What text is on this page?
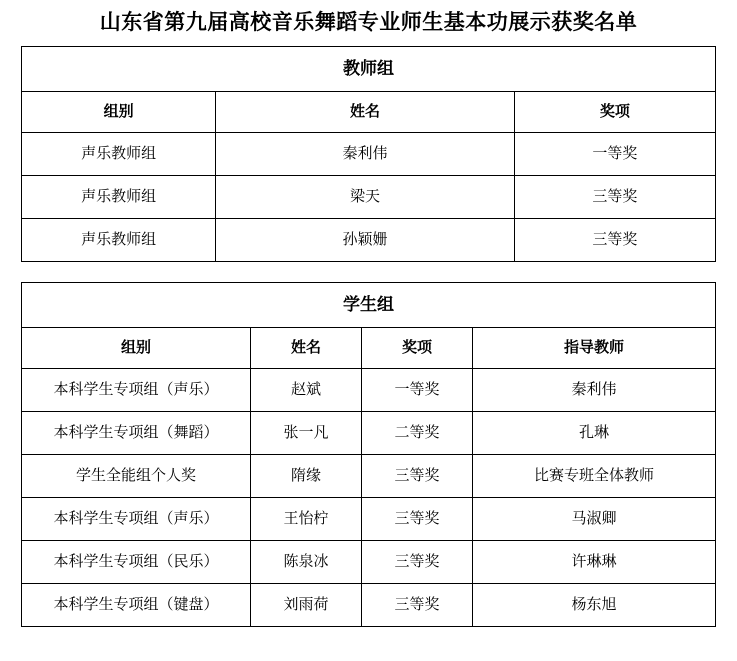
山东省第九届高校音乐舞蹈专业师生基本功展示获奖名单
教师组		
组别	姓名	奖项
声乐教师组	秦利伟	一等奖
声乐教师组	梁天	三等奖
声乐教师组	孙颖姗	三等奖
学生组			
组别	姓名	奖项	指导教师
本科学生专项组（声乐）	赵斌	一等奖	秦利伟
本科学生专项组（舞蹈）	张一凡	二等奖	孔琳
学生全能组个人奖	隋缘	三等奖	比赛专班全体教师
本科学生专项组（声乐）	王怡柠	三等奖	马淑卿
本科学生专项组（民乐）	陈泉冰	三等奖	许琳琳
本科学生专项组（键盘）	刘雨荷	三等奖	杨东旭
